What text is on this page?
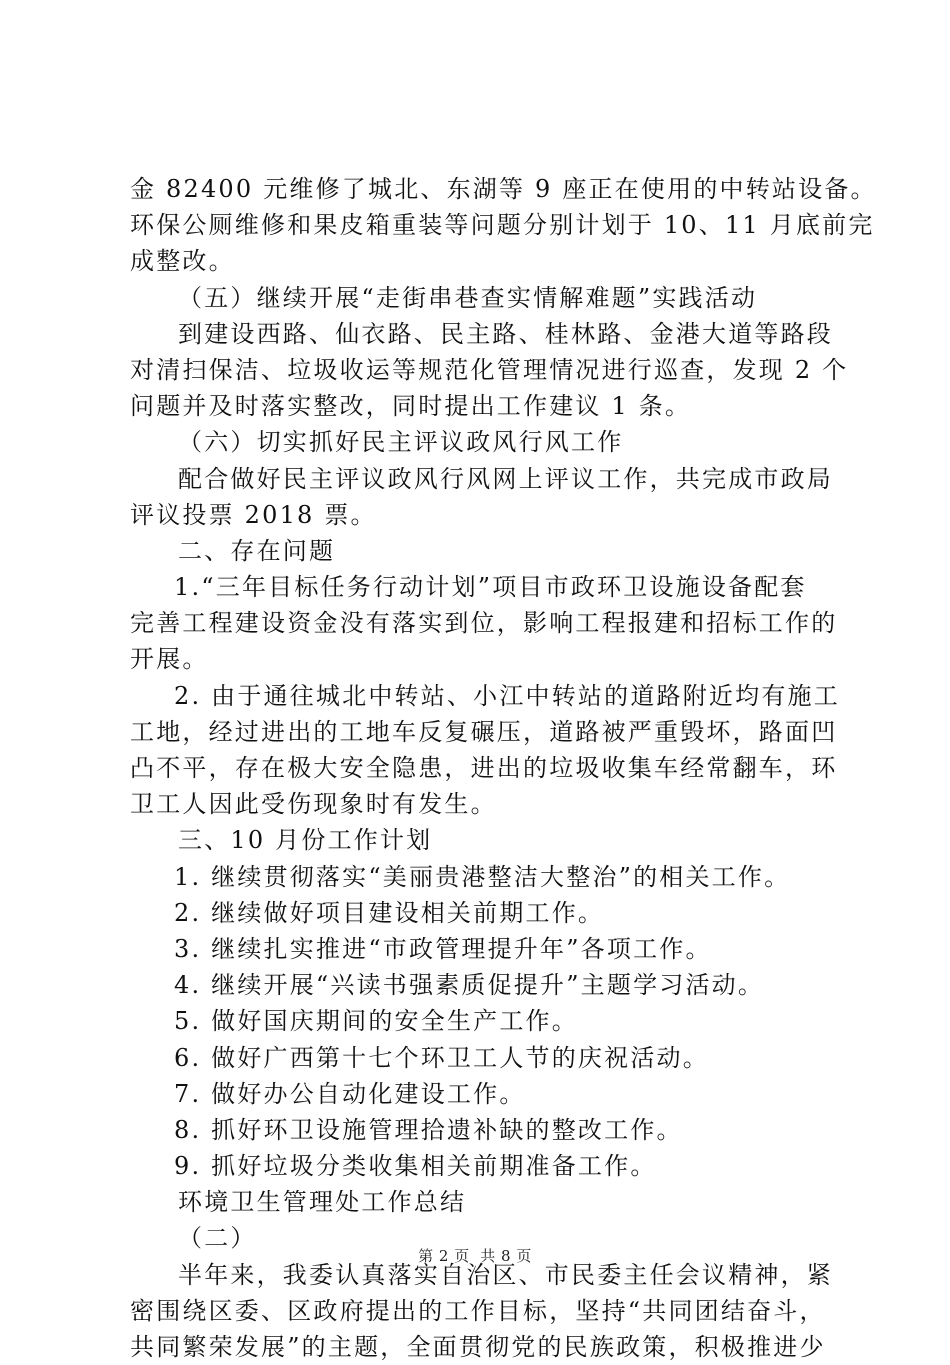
金 82400 元维修了城北、东湖等 9 座正在使用的中转站设备。
环保公厕维修和果皮箱重装等问题分别计划于 10、11 月底前完
成整改。
（五）继续开展“走街串巷查实情解难题”实践活动
到建设西路、仙衣路、民主路、桂林路、金港大道等路段
对清扫保洁、垃圾收运等规范化管理情况进行巡查，发现 2 个
问题并及时落实整改，同时提出工作建议 1 条。
（六）切实抓好民主评议政风行风工作
配合做好民主评议政风行风网上评议工作，共完成市政局
评议投票 2018 票。
二、存在问题
1.“三年目标任务行动计划”项目市政环卫设施设备配套
完善工程建设资金没有落实到位，影响工程报建和招标工作的
开展。
2. 由于通往城北中转站、小江中转站的道路附近均有施工
工地，经过进出的工地车反复碾压，道路被严重毁坏，路面凹
凸不平，存在极大安全隐患，进出的垃圾收集车经常翻车，环
卫工人因此受伤现象时有发生。
三、10 月份工作计划
1. 继续贯彻落实“美丽贵港整洁大整治”的相关工作。
2. 继续做好项目建设相关前期工作。
3. 继续扎实推进“市政管理提升年”各项工作。
4. 继续开展“兴读书强素质促提升”主题学习活动。
5. 做好国庆期间的安全生产工作。
6. 做好广西第十七个环卫工人节的庆祝活动。
7. 做好办公自动化建设工作。
8. 抓好环卫设施管理拾遗补缺的整改工作。
9. 抓好垃圾分类收集相关前期准备工作。
环境卫生管理处工作总结
（二）
半年来，我委认真落实自治区、市民委主任会议精神，紧
密围绕区委、区政府提出的工作目标，坚持“共同团结奋斗，
共同繁荣发展”的主题，全面贯彻党的民族政策，积极推进少
第 2 页  共 8 页
